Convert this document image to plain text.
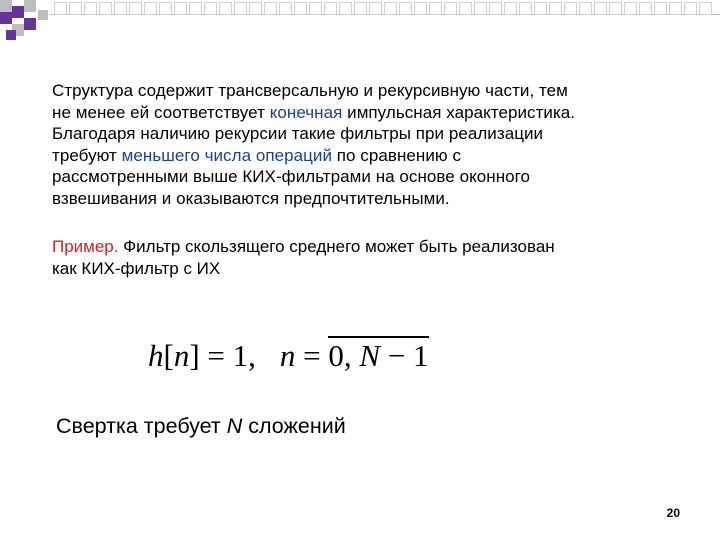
Структура содержит трансверсальную и рекурсивную части, тем
не менее ей соответствует конечная импульсная характеристика.
Благодаря наличию рекурсии такие фильтры при реализации
требуют меньшего числа операций по сравнению с
рассмотренными выше КИХ-фильтрами на основе оконного
взвешивания и оказываются предпочтительными.
Пример. Фильтр скользящего среднего может быть реализован
как КИХ-фильтр с ИХ
h[n] = 1, n = 0, N − 1
Свертка требует N сложений
20
